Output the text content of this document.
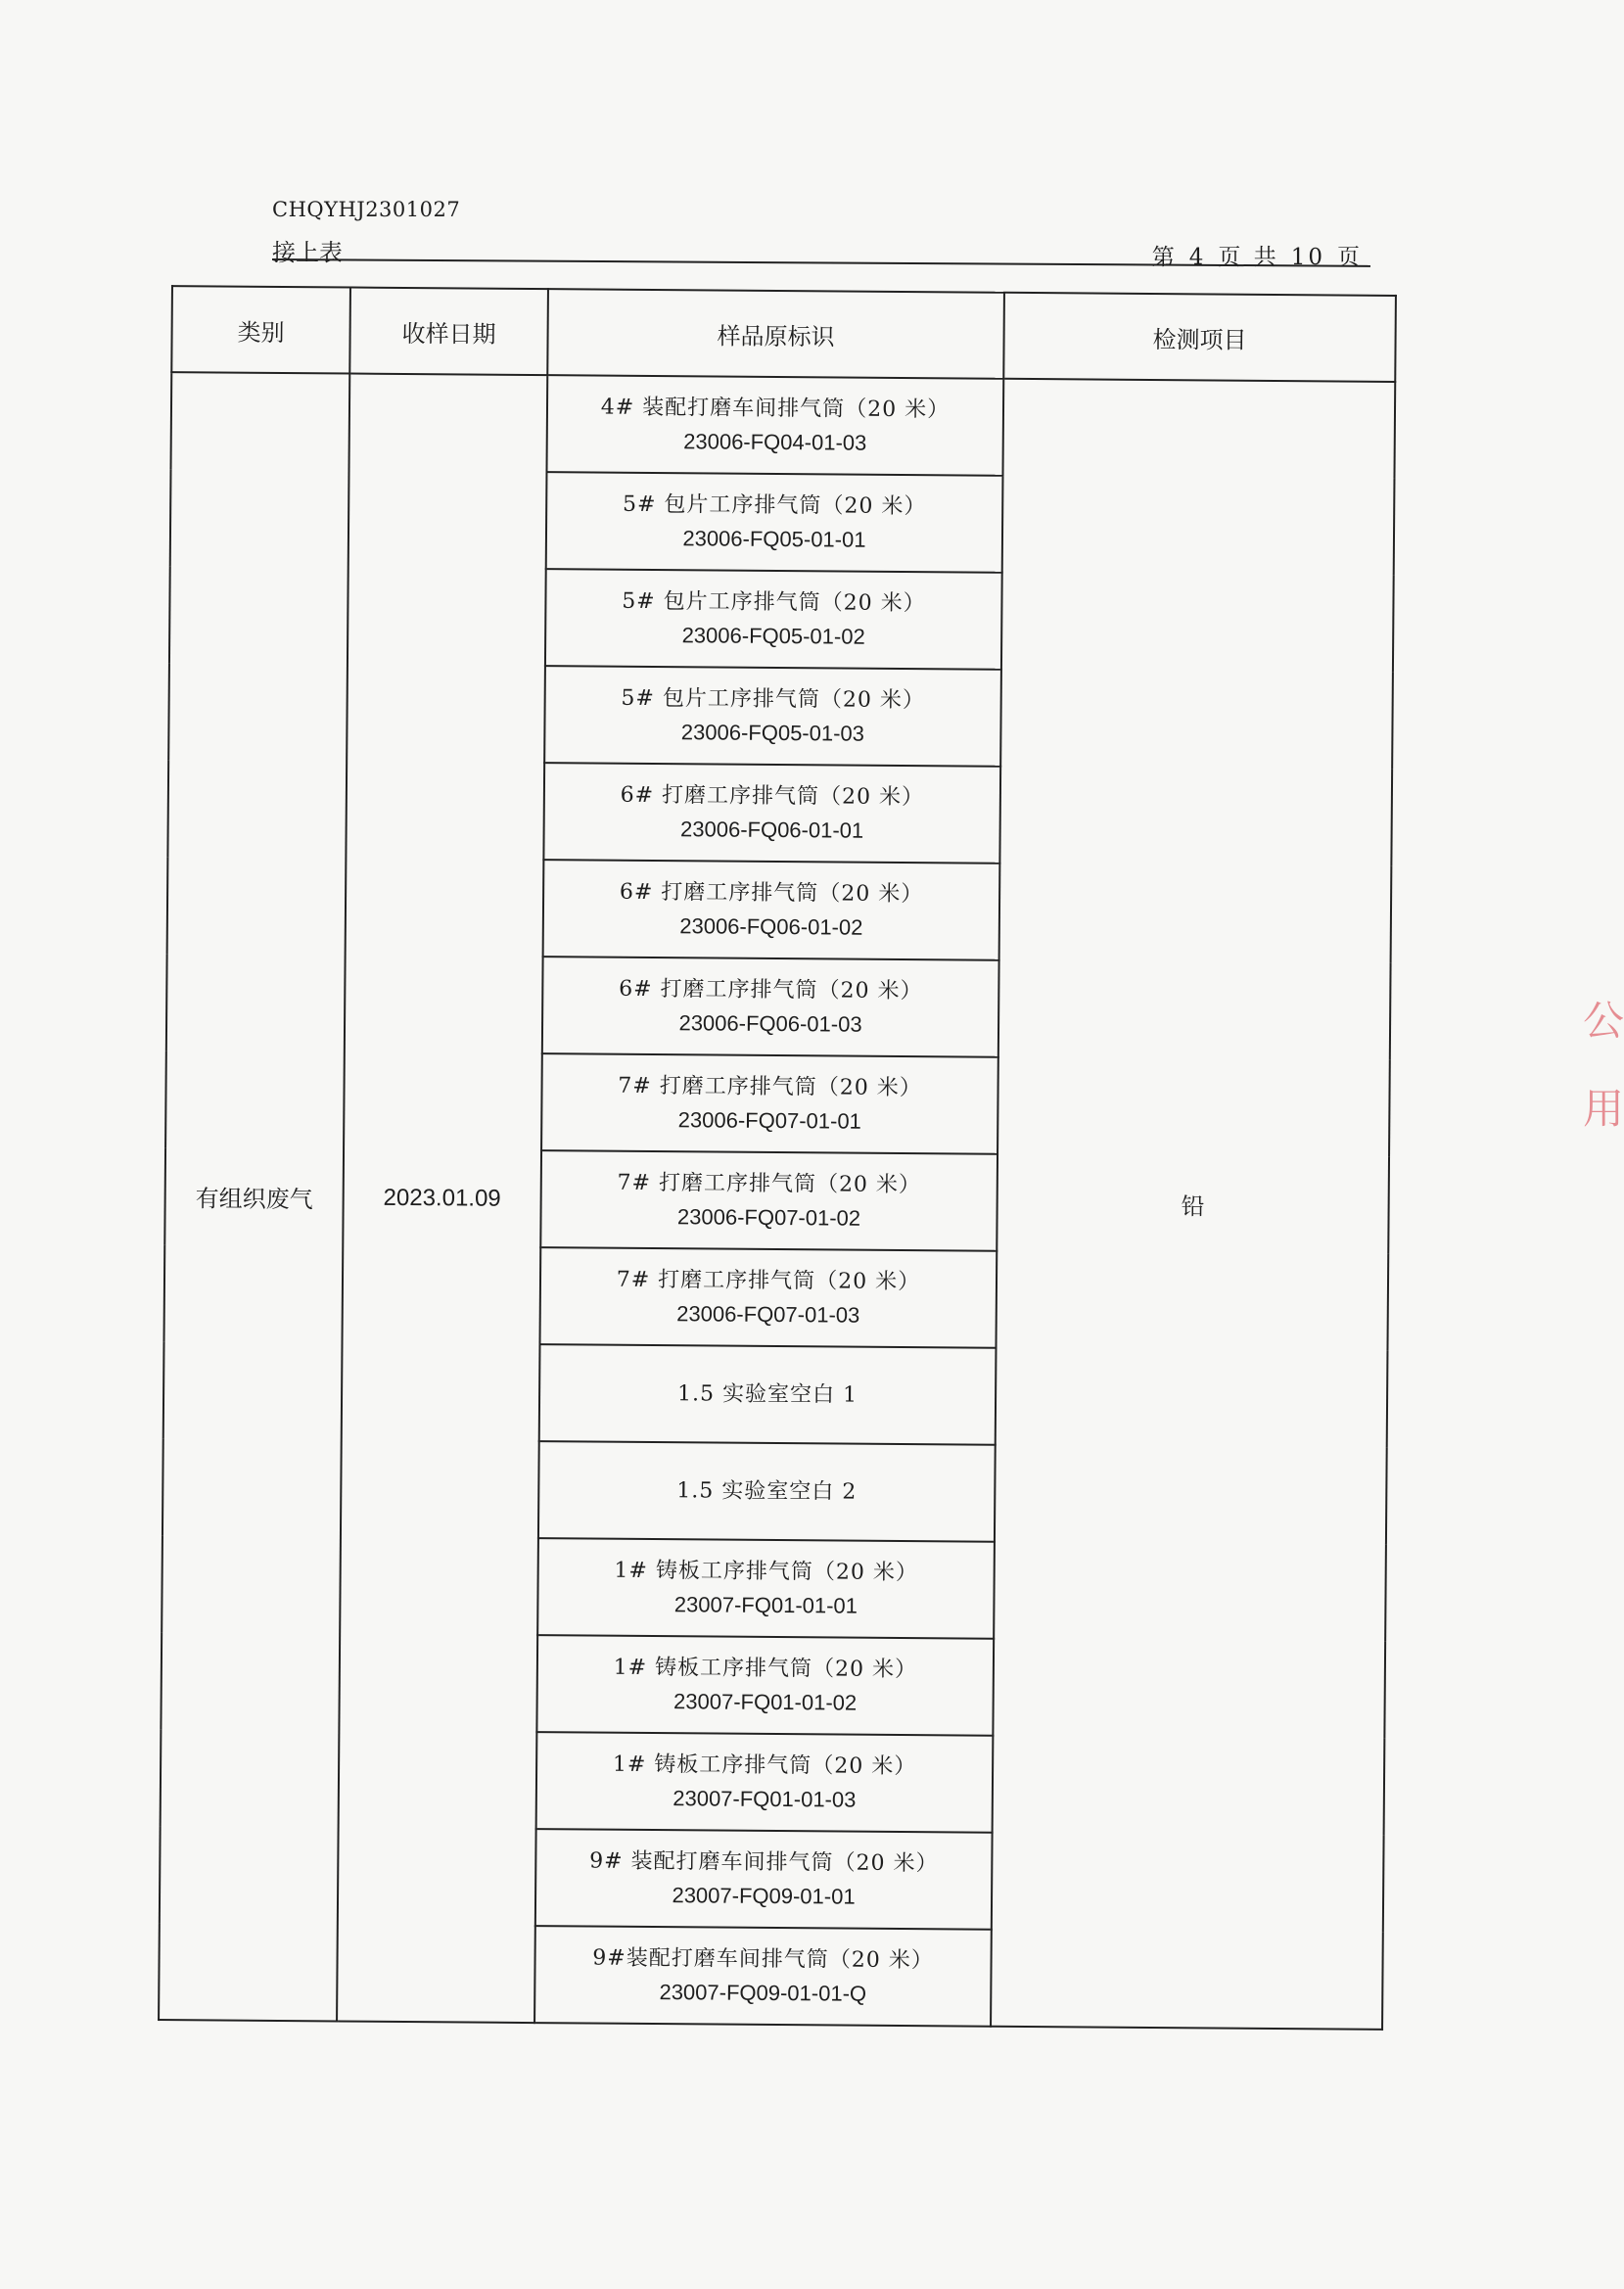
CHQYHJ2301027
接上表	第 4 页 共 10 页
类别	收样日期	样品原标识	检测项目
有组织废气	2023.01.09	4# 装配打磨车间排气筒（20 米）
23006-FQ04-01-03	铅

		5# 包片工序排气筒（20 米）
23006-FQ05-01-01	

		5# 包片工序排气筒（20 米）
23006-FQ05-01-02	

		5# 包片工序排气筒（20 米）
23006-FQ05-01-03	

		6# 打磨工序排气筒（20 米）
23006-FQ06-01-01	

		6# 打磨工序排气筒（20 米）
23006-FQ06-01-02	

		6# 打磨工序排气筒（20 米）
23006-FQ06-01-03	

		7# 打磨工序排气筒（20 米）
23006-FQ07-01-01	

		7# 打磨工序排气筒（20 米）
23006-FQ07-01-02	

		7# 打磨工序排气筒（20 米）
23006-FQ07-01-03	

		1.5 实验室空白 1	

		1.5 实验室空白 2	

		1# 铸板工序排气筒（20 米）
23007-FQ01-01-01	

		1# 铸板工序排气筒（20 米）
23007-FQ01-01-02	

		1# 铸板工序排气筒（20 米）
23007-FQ01-01-03	

		9# 装配打磨车间排气筒（20 米）
23007-FQ09-01-01	

		9#装配打磨车间排气筒（20 米）
23007-FQ09-01-01-Q	
公
用
